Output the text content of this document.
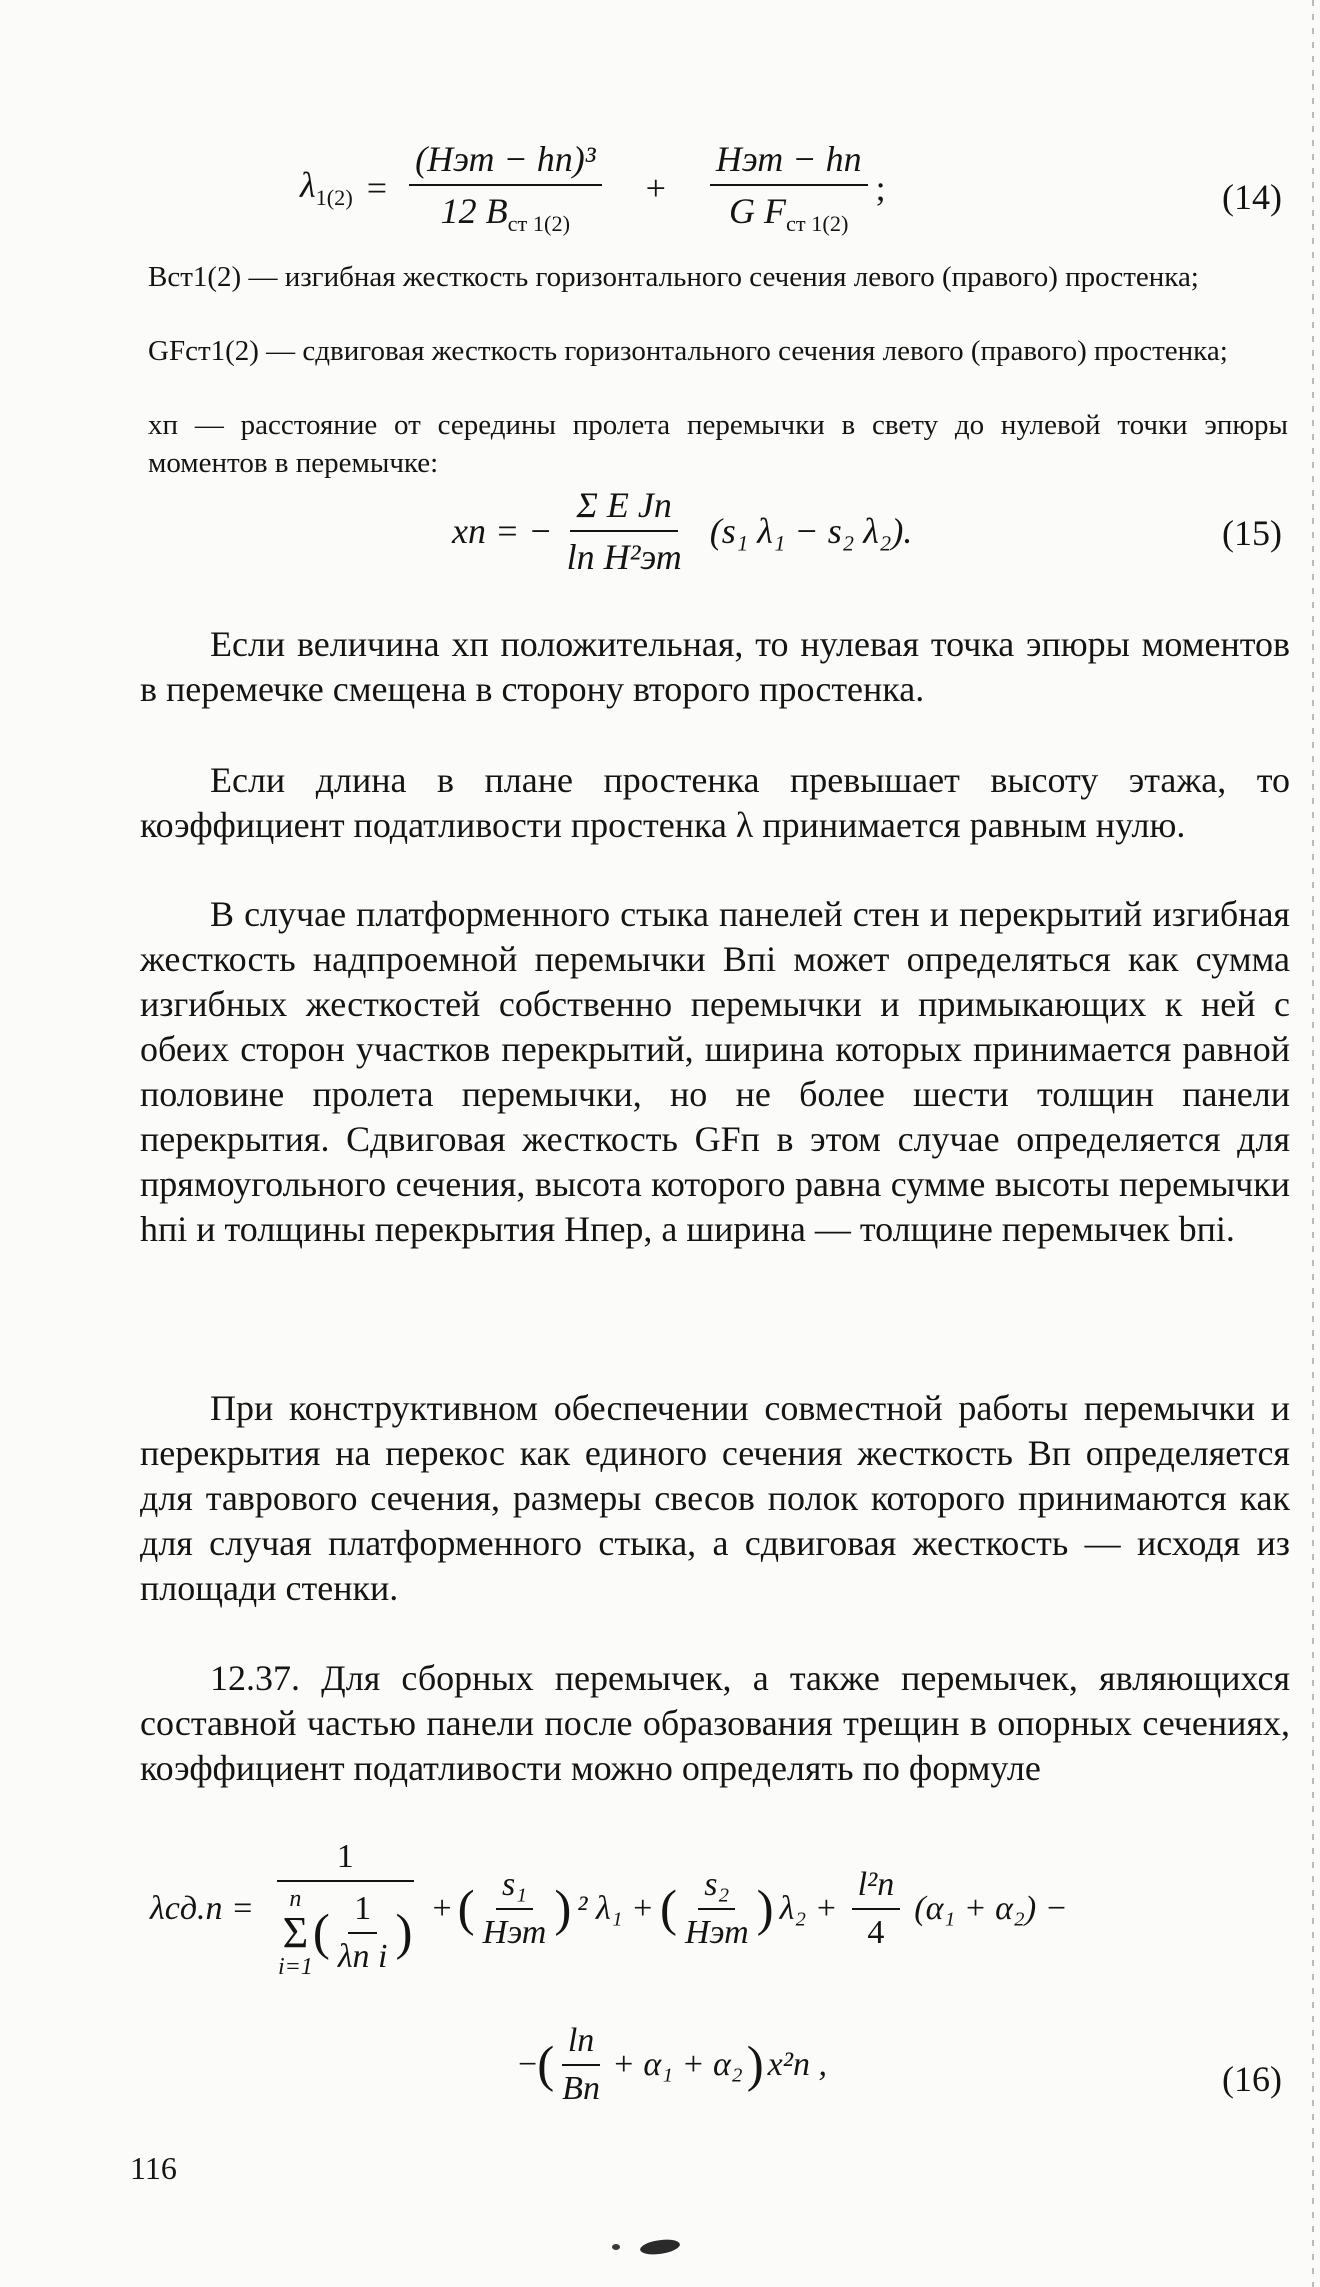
$\lambda_{1(2)} = \frac{\text{(Hэт − hп)³}}{12 B_{ст 1(2)}} + \frac{\text{Hэт − hп}}{G F_{ст 1(2)}}$ ;	(14)
Bст1(2) — изгибная жесткость горизонтального сечения левого (правого) простенка;
GFст1(2) — сдвиговая жесткость горизонтального сечения левого (правого) простенка;
xп — расстояние от середины пролета перемычки в свету до нулевой точки эпюры моментов в перемычке:
xп = − $\frac{\text{Σ E Jп}}{\text{lп H²эт}} (s_1$ λ₁ − s₂ λ₂).	(15)
Если величина xп положительная, то нулевая точка эпюры моментов в перемечке смещена в сторону второго простенка.
Если длина в плане простенка превышает высоту этажа, то коэффициент податливости простенка λ принимается равным нулю.
В случае платформенного стыка панелей стен и перекрытий изгибная жесткость надпроемной перемычки Bпi может определяться как сумма изгибных жесткостей собственно перемычки и примыкающих к ней с обеих сторон участков перекрытий, ширина которых принимается равной половине пролета перемычки, но не более шести толщин панели перекрытия. Сдвиговая жесткость GFп в этом случае определяется для прямоугольного сечения, высота которого равна сумме высоты перемычки hпi и толщины перекрытия Hпер, а ширина — толщине перемычек bпi.
При конструктивном обеспечении совместной работы перемычки и перекрытия на перекос как единого сечения жесткость Bп определяется для таврового сечения, размеры свесов полок которого принимаются как для случая платформенного стыка, а сдвиговая жесткость — исходя из площади стенки.
12.37. Для сборных перемычек, а также перемычек, являющихся составной частью панели после образования трещин в опорных сечениях, коэффициент податливости можно определять по формуле
λсд.п =
1
n
Σ
i=1
( $\frac{1}{\text{λп i}}$ ) + ( $\frac{\text{s₁}}{\text{Hэт}}$ ) ² λ₁ + ( $\frac{\text{s₂}}{\text{Hэт}}$ ) $\lambda_2 + \frac{\text{l²п}}{4} (\alpha_1 + \alpha_2)$ −
− ( $\frac{lп}{Bп} + \alpha_1 + \alpha_2$ ) x²п ,	(16)
116
